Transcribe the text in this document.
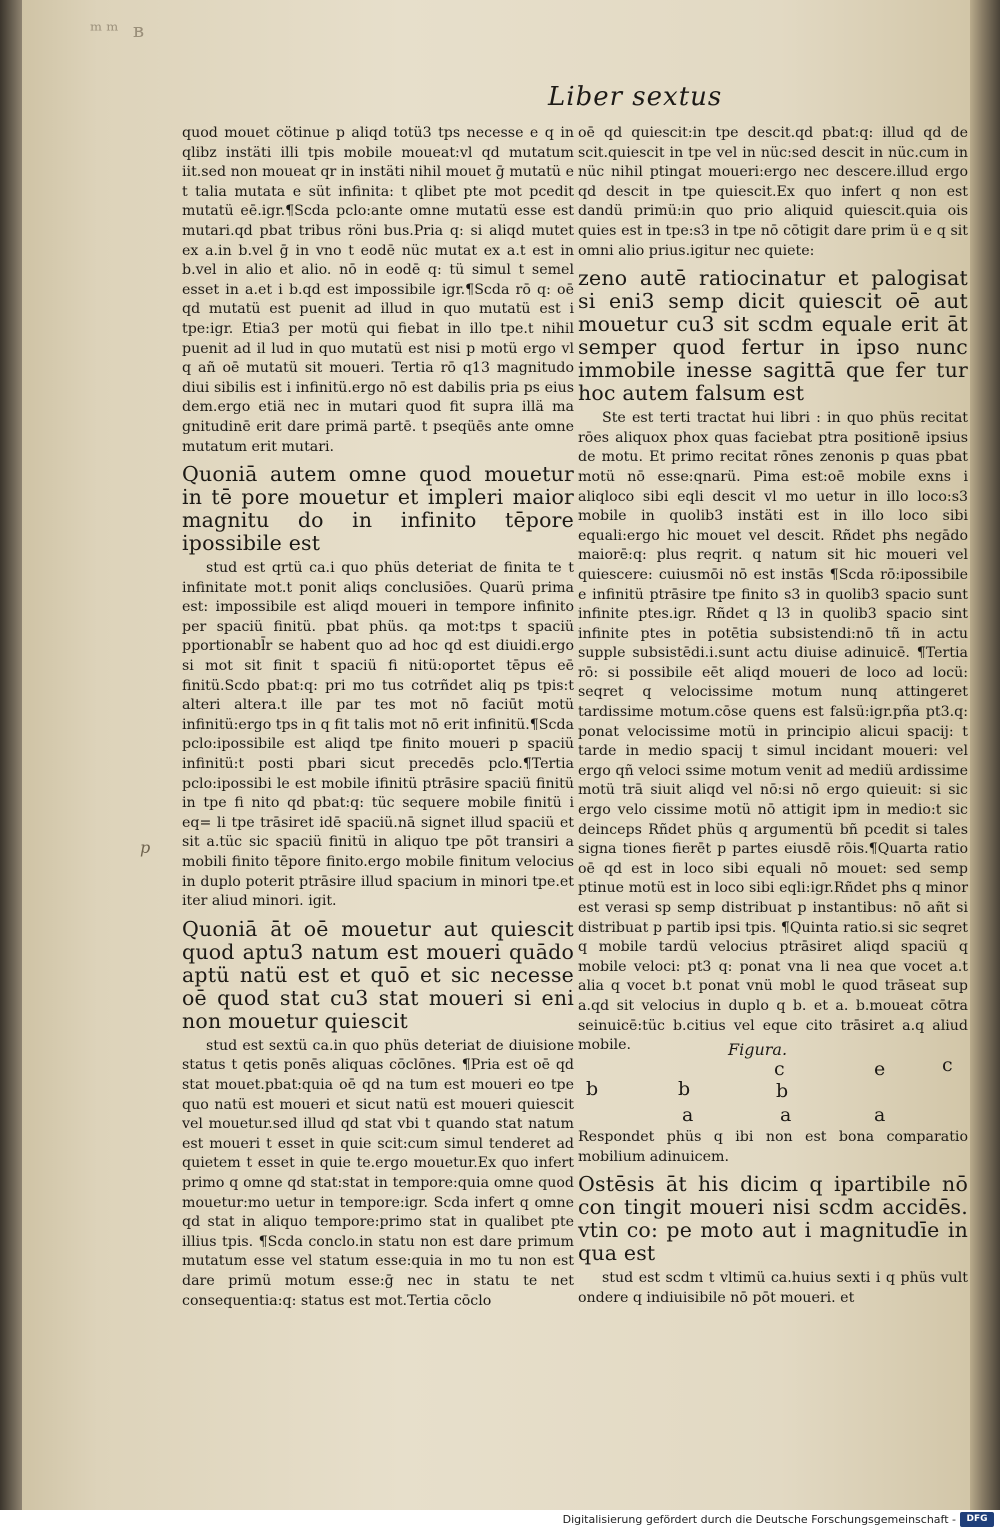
ᵐᵐ ʙ
Liber sextus

quod mouet cötinue p aliqd totü3 tps necesse e q in qlibz instäti illi tpis mobile moueat:vl qd mutatum iit.sed non moueat qr in instäti nihil mouet ḡ mutatü e t talia mutata e süt infinita: t qlibet pte mot pcedit mutatü eē.igr.¶Scda pclo:ante omne mutatü esse est mutari.qd pbat tribus röni bus.Pria q: si aliqd mutet ex a.in b.vel ḡ in vno t eodē nüc mutat ex a.t est in b.vel in alio et alio. nō in eodē q: tü simul t semel esset in a.et i b.qd est impossibile igr.¶Scda rō q: oē qd mutatü est puenit ad illud in quo mutatü est i tpe:igr. Etia3 per motü qui fiebat in illo tpe.t nihil puenit ad il lud in quo mutatü est nisi p motü ergo vl q añ oē mutatü sit moueri. Tertia rō q13 magnitudo diui sibilis est i infinitü.ergo nō est dabilis pria ps eius dem.ergo etiä nec in mutari quod fit supra illä ma gnitudinē erit dare primä partē. t pseqüēs ante omne mutatum erit mutari.

Quoniā autem omne quod mouetur in tē pore mouetur et impleri maior magnitu do in infinito tēpore ipossibile est

stud est qrtü ca.i quo phüs deteriat de finita te t infinitate mot.t ponit aliqs conclusiōes. Quarü prima est: impossibile est aliqd moueri in tempore infinito per spaciü finitü. pbat phüs. qa mot:tps t spaciü pportionabl̄r se habent quo ad hoc qd est diuidi.ergo si mot sit finit t spaciü fi nitü:oportet tēpus eē finitü.Scdo pbat:q: pri mo tus cotrñdet aliq ps tpis:t alteri altera.t ille par tes mot nō faciūt motü infinitü:ergo tps in q fit talis mot nō erit infinitü.¶Scda pclo:ipossibile est aliqd tpe finito moueri p spaciü infinitü:t posti pbari sicut precedēs pclo.¶Tertia pclo:ipossibi le est mobile ifinitü ptrāsire spaciü finitü in tpe fi nito qd pbat:q: tüc sequere mobile finitü i eq= li tpe trāsiret idē spaciü.nā signet illud spaciü et sit a.tüc sic spaciü finitü in aliquo tpe pōt transiri a mobili finito tēpore finito.ergo mobile finitum velocius in duplo poterit ptrāsire illud spacium in minori tpe.et iter aliud minori. igit.

Quoniā āt oē mouetur aut quiescit quod aptu3 natum est moueri quādo aptü natü est et quō et sic necesse oē quod stat cu3 stat moueri si eni non mouetur quiescit

stud est sextü ca.in quo phüs deteriat de diuisione status t qetis ponēs aliquas cōclōnes. ¶Pria est oē qd stat mouet.pbat:quia oē qd na tum est moueri eo tpe quo natü est moueri et sicut natü est moueri quiescit vel mouetur.sed illud qd stat vbi t quando stat natum est moueri t esset in quie scit:cum simul tenderet ad quietem t esset in quie te.ergo mouetur.Ex quo infert primo q omne qd stat:stat in tempore:quia omne quod mouetur:mo uetur in tempore:igr. Scda infert q omne qd stat in aliquo tempore:primo stat in qualibet pte illius tpis. ¶Scda conclo.in statu non est dare primum mutatum esse vel statum esse:quia in mo tu non est dare primü motum esse:ḡ nec in statu te net consequentia:q: status est mot.Tertia cōclo

p

oē qd quiescit:in tpe descit.qd pbat:q: illud qd de scit.quiescit in tpe vel in nüc:sed descit in nüc.cum in nüc nihil ptingat moueri:ergo nec descere.illud ergo qd descit in tpe quiescit.Ex quo infert q non est dandü primü:in quo prio aliquid quiescit.quia ois quies est in tpe:s3 in tpe nō cōtigit dare prim ü e q sit omni alio prius.igitur nec quiete:

zeno autē ratiocinatur et palogisat si eni3 semp dicit quiescit oē aut mouetur cu3 sit scdm equale erit āt semper quod fertur in ipso nunc immobile inesse sagittā que fer tur hoc autem falsum est

Ste est terti tractat hui libri : in quo phüs recitat rōes aliquox phox quas faciebat ptra positionē ipsius de motu. Et primo recitat rōnes zenonis p quas pbat motü nō esse:qnarü. Pima est:oē mobile exns i aliqloco sibi eqli descit vl mo uetur in illo loco:s3 mobile in quolib3 instäti est in illo loco sibi equali:ergo hic mouet vel descit. Rñdet phs negādo maiorē:q: plus reqrit. q natum sit hic moueri vel quiescere: cuiusmōi nō est instās ¶Scda rō:ipossibile e infinitü ptrāsire tpe finito s3 in quolib3 spacio sunt infinite ptes.igr. Rñdet q l3 in quolib3 spacio sint infinite ptes in potētia subsistendi:nō tñ in actu supple subsistēdi.i.sunt actu diuise adinuicē. ¶Tertia rō: si possibile eēt aliqd moueri de loco ad locü: seqret q velocissime motum nunq attingeret tardissime motum.cōse quens est falsü:igr.pña pt3.q: ponat velocissime motü in principio alicui spacij: t tarde in medio spacij t simul incidant moueri: vel ergo qñ veloci ssime motum venit ad mediü ardissime motü trā siuit aliqd vel nō:si nō ergo quieuit: si sic ergo velo cissime motü nō attigit ipm in medio:t sic deinceps Rñdet phüs q argumentü bñ pcedit si tales signa tiones fierēt p partes eiusdē rōis.¶Quarta ratio oē qd est in loco sibi equali nō mouet: sed semp ptinue motü est in loco sibi eqli:igr.Rñdet phs q minor est verasi sp semp distribuat p instantibus: nō añt si distribuat p partib ipsi tpis. ¶Quinta ratio.si sic seqret q mobile tardü velocius ptrāsiret aliqd spaciü q mobile veloci: pt3 q: ponat vna li nea que vocet a.t alia q vocet b.t ponat vnü mobl le quod trāseat sup a.qd sit velocius in duplo q b. et a. b.moueat cōtra seinuicē:tüc b.citius vel eque cito trāsiret a.q aliud mobile.	Figura.
c	e	c
b	b	b
a	a	a

Respondet phüs q ibi non est bona comparatio mobilium adinuicem.

Ostēsis āt his dicim q ipartibile nō con tingit moueri nisi scdm accidēs. vtin co: pe moto aut i magnitudīe in qua est

stud est scdm t vltimü ca.huius sexti i q phüs vult ondere q indiuisibile nō pōt moueri. et

Digitalisierung gefördert durch die Deutsche Forschungsgemeinschaft -	DFG
